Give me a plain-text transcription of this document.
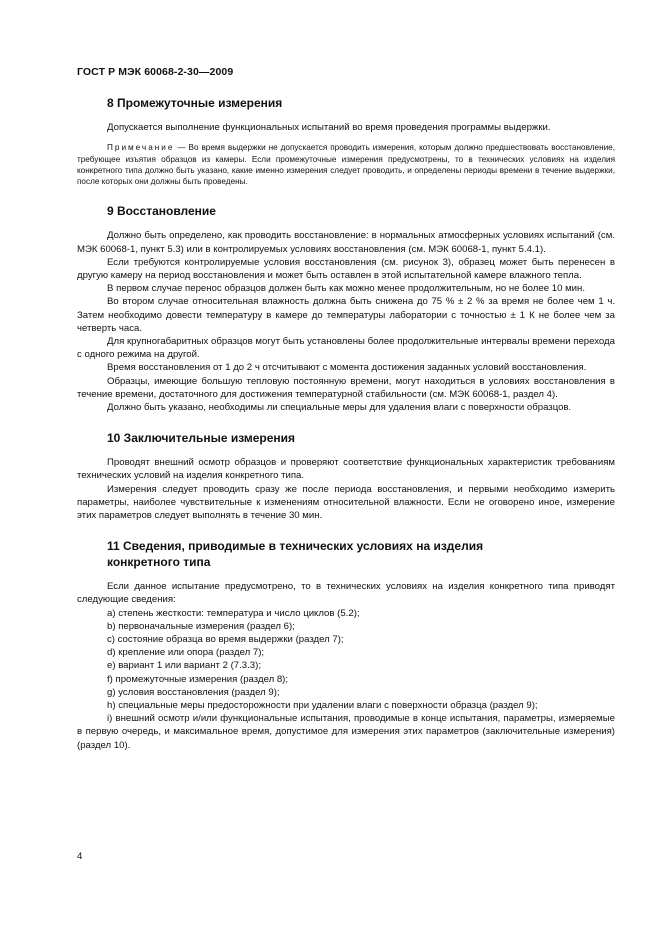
ГОСТ Р МЭК 60068-2-30—2009
8 Промежуточные измерения

Допускается выполнение функциональных испытаний во время проведения программы выдержки.

Примечание — Во время выдержки не допускается проводить измерения, которым должно предшествовать восстановление, требующее изъятия образцов из камеры. Если промежуточные измерения предусмотрены, то в технических условиях на изделия конкретного типа должно быть указано, какие именно измерения следует проводить, и определены периоды времени в течение выдержки, после которых они должны быть проведены.

9 Восстановление

Должно быть определено, как проводить восстановление: в нормальных атмосферных условиях испытаний (см. МЭК 60068-1, пункт 5.3) или в контролируемых условиях восстановления (см. МЭК 60068-1, пункт 5.4.1).

Если требуются контролируемые условия восстановления (см. рисунок 3), образец может быть перенесен в другую камеру на период восстановления и может быть оставлен в этой испытательной камере влажного тепла.

В первом случае перенос образцов должен быть как можно менее продолжительным, но не более 10 мин.

Во втором случае относительная влажность должна быть снижена до 75 % ± 2 % за время не более чем 1 ч. Затем необходимо довести температуру в камере до температуры лаборатории с точностью ± 1 К не более чем за четверть часа.

Для крупногабаритных образцов могут быть установлены более продолжительные интервалы времени перехода с одного режима на другой.

Время восстановления от 1 до 2 ч отсчитывают с момента достижения заданных условий восстановления.

Образцы, имеющие большую тепловую постоянную времени, могут находиться в условиях восстановления в течение времени, достаточного для достижения температурной стабильности (см. МЭК 60068-1, раздел 4).

Должно быть указано, необходимы ли специальные меры для удаления влаги с поверхности образцов.

10 Заключительные измерения

Проводят внешний осмотр образцов и проверяют соответствие функциональных характеристик требованиям технических условий на изделия конкретного типа.

Измерения следует проводить сразу же после периода восстановления, и первыми необходимо измерить параметры, наиболее чувствительные к изменениям относительной влажности. Если не оговорено иное, измерение этих параметров следует выполнять в течение 30 мин.

11 Сведения, приводимые в технических условиях на изделия
конкретного типа

Если данное испытание предусмотрено, то в технических условиях на изделия конкретного типа приводят следующие сведения:

a) степень жесткости: температура и число циклов (5.2);

b) первоначальные измерения (раздел 6);

c) состояние образца во время выдержки (раздел 7);

d) крепление или опора (раздел 7);

e) вариант 1 или вариант 2 (7.3.3);

f) промежуточные измерения (раздел 8);

g) условия восстановления (раздел 9);

h) специальные меры предосторожности при удалении влаги с поверхности образца (раздел 9);

i) внешний осмотр и/или функциональные испытания, проводимые в конце испытания, параметры, измеряемые в первую очередь, и максимальное время, допустимое для измерения этих параметров (заключительные измерения) (раздел 10).

4
